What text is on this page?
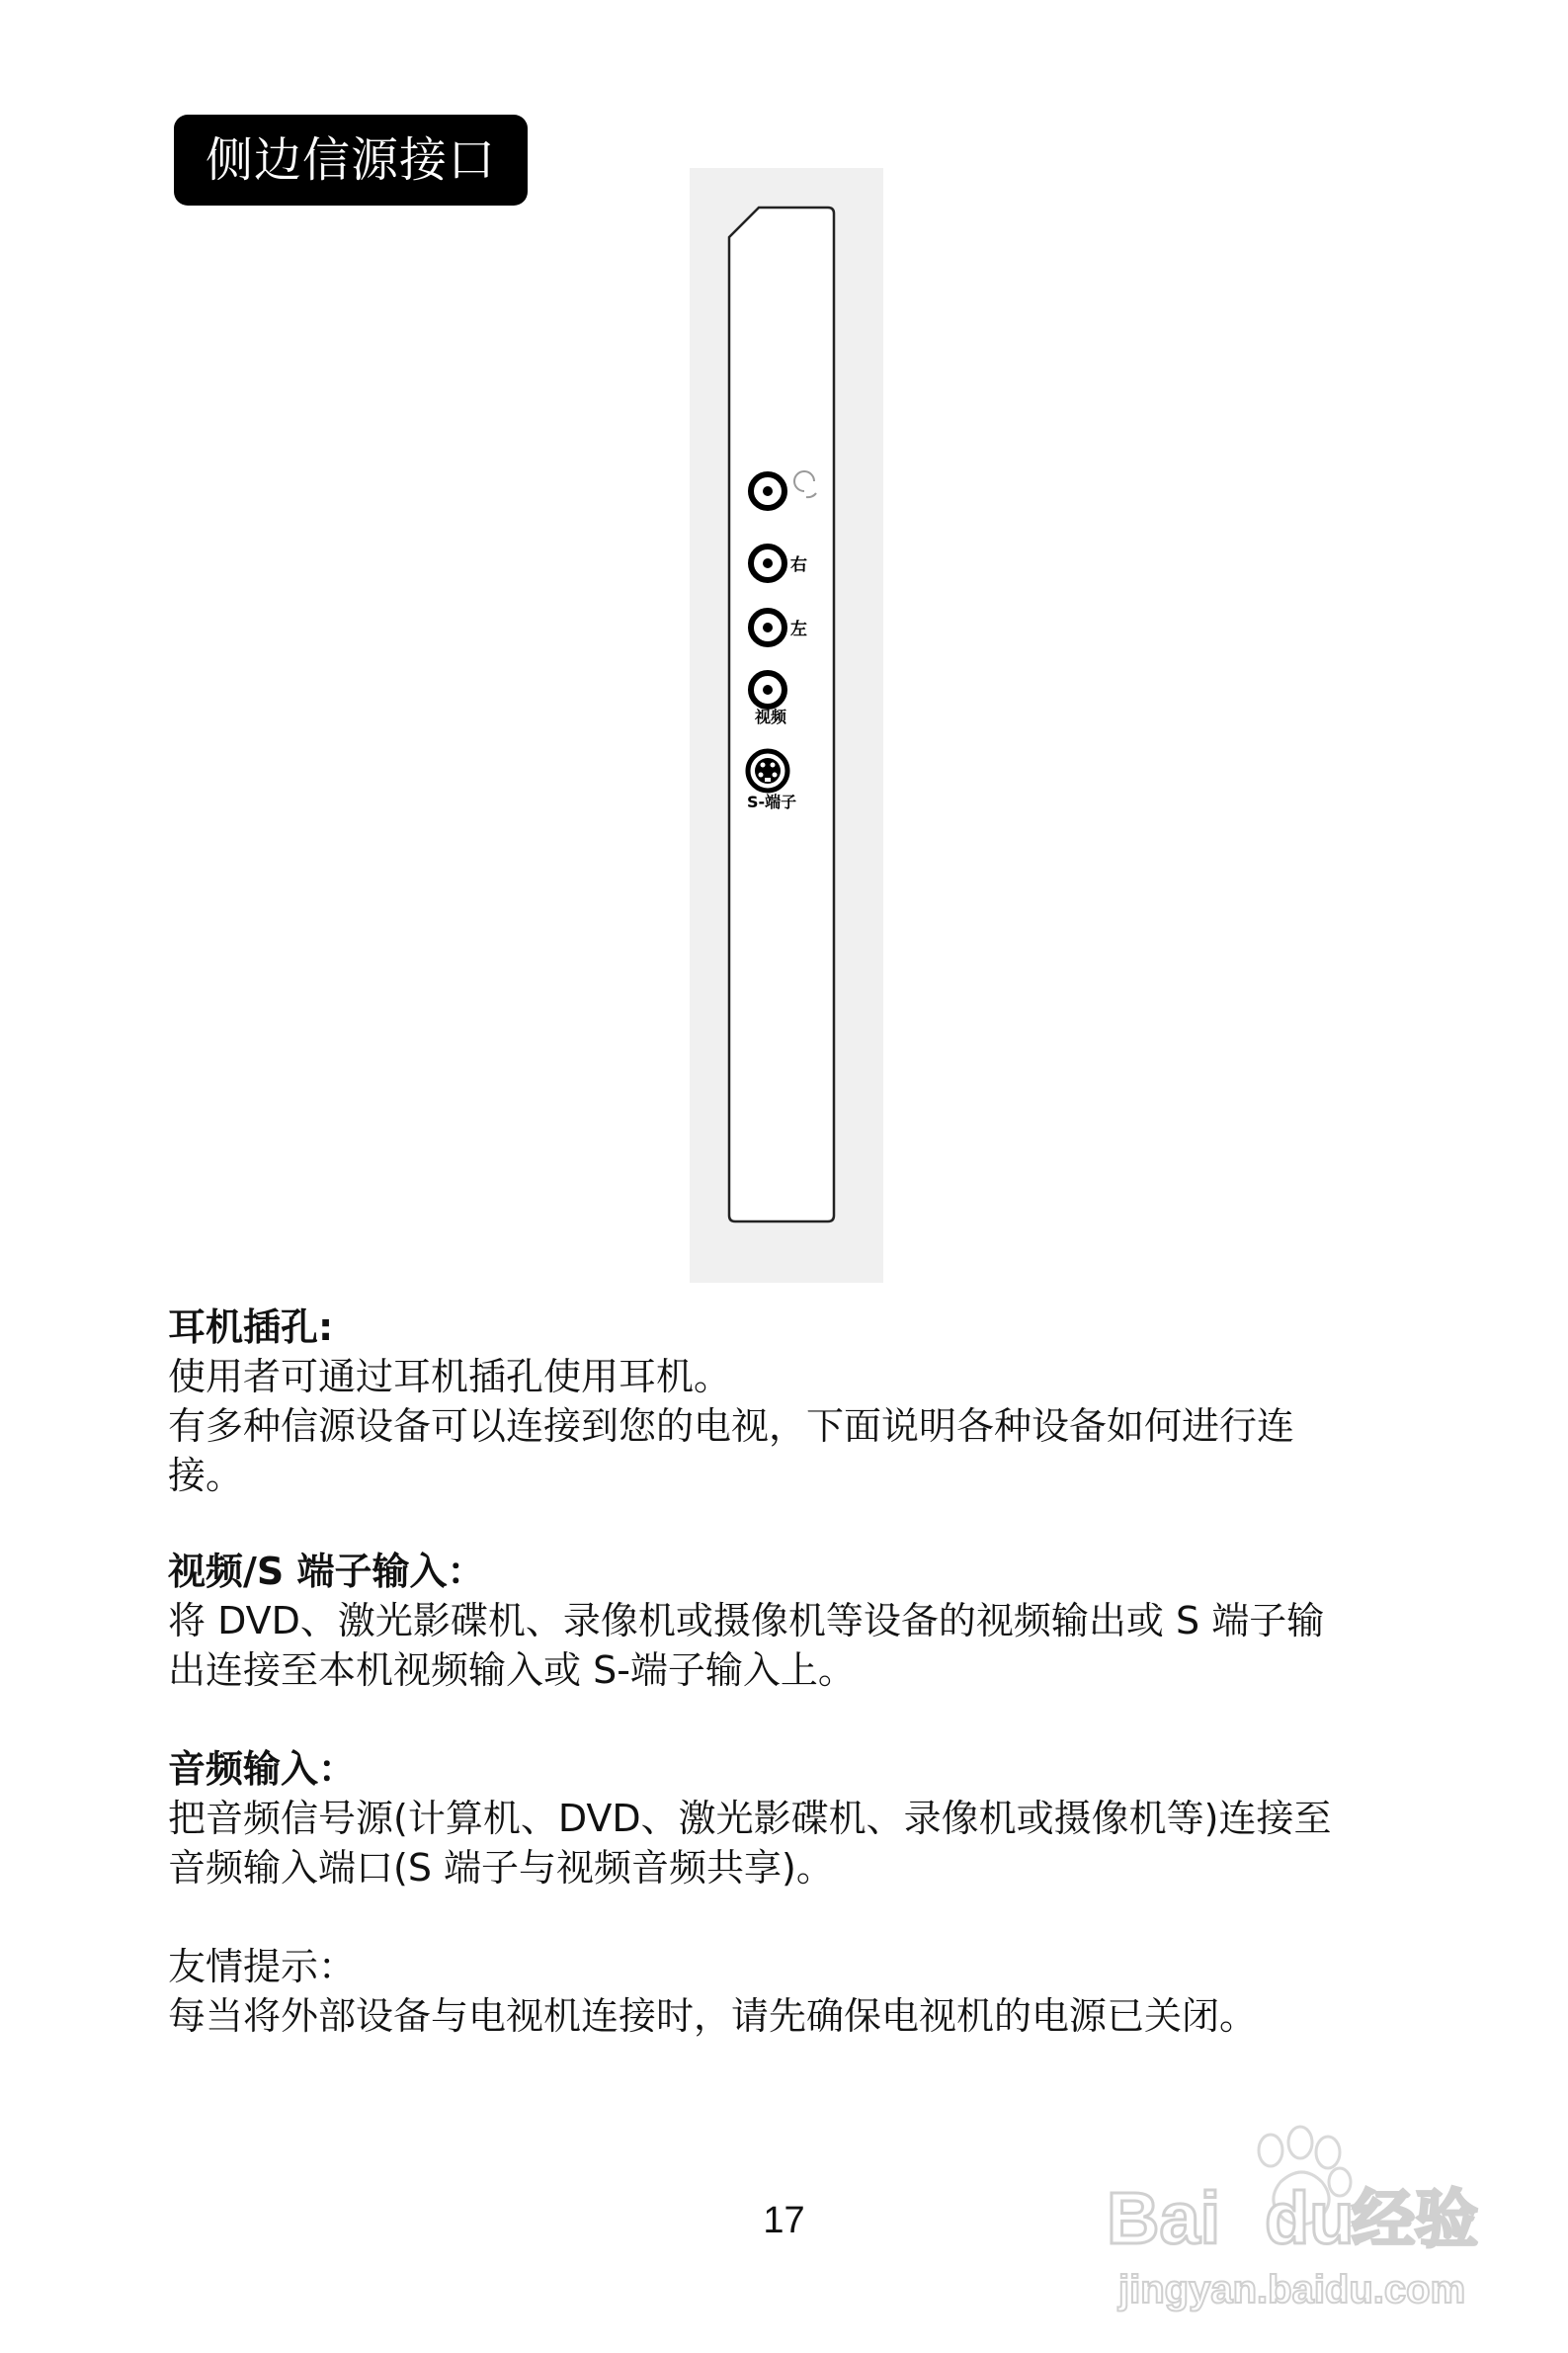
侧边信源接口
右
左
视频
S-端子

耳机插孔:

使用者可通过耳机插孔使用耳机。

有多种信源设备可以连接到您的电视，下面说明各种设备如何进行连

接。

视频/S 端子输入：

将 DVD、激光影碟机、录像机或摄像机等设备的视频输出或 S 端子输

出连接至本机视频输入或 S-端子输入上。

音频输入：

把音频信号源(计算机、DVD、激光影碟机、录像机或摄像机等)连接至

音频输入端口(S 端子与视频音频共享)。

友情提示：

每当将外部设备与电视机连接时，请先确保电视机的电源已关闭。

17	Bai du
经验
jingyan.baidu.com
